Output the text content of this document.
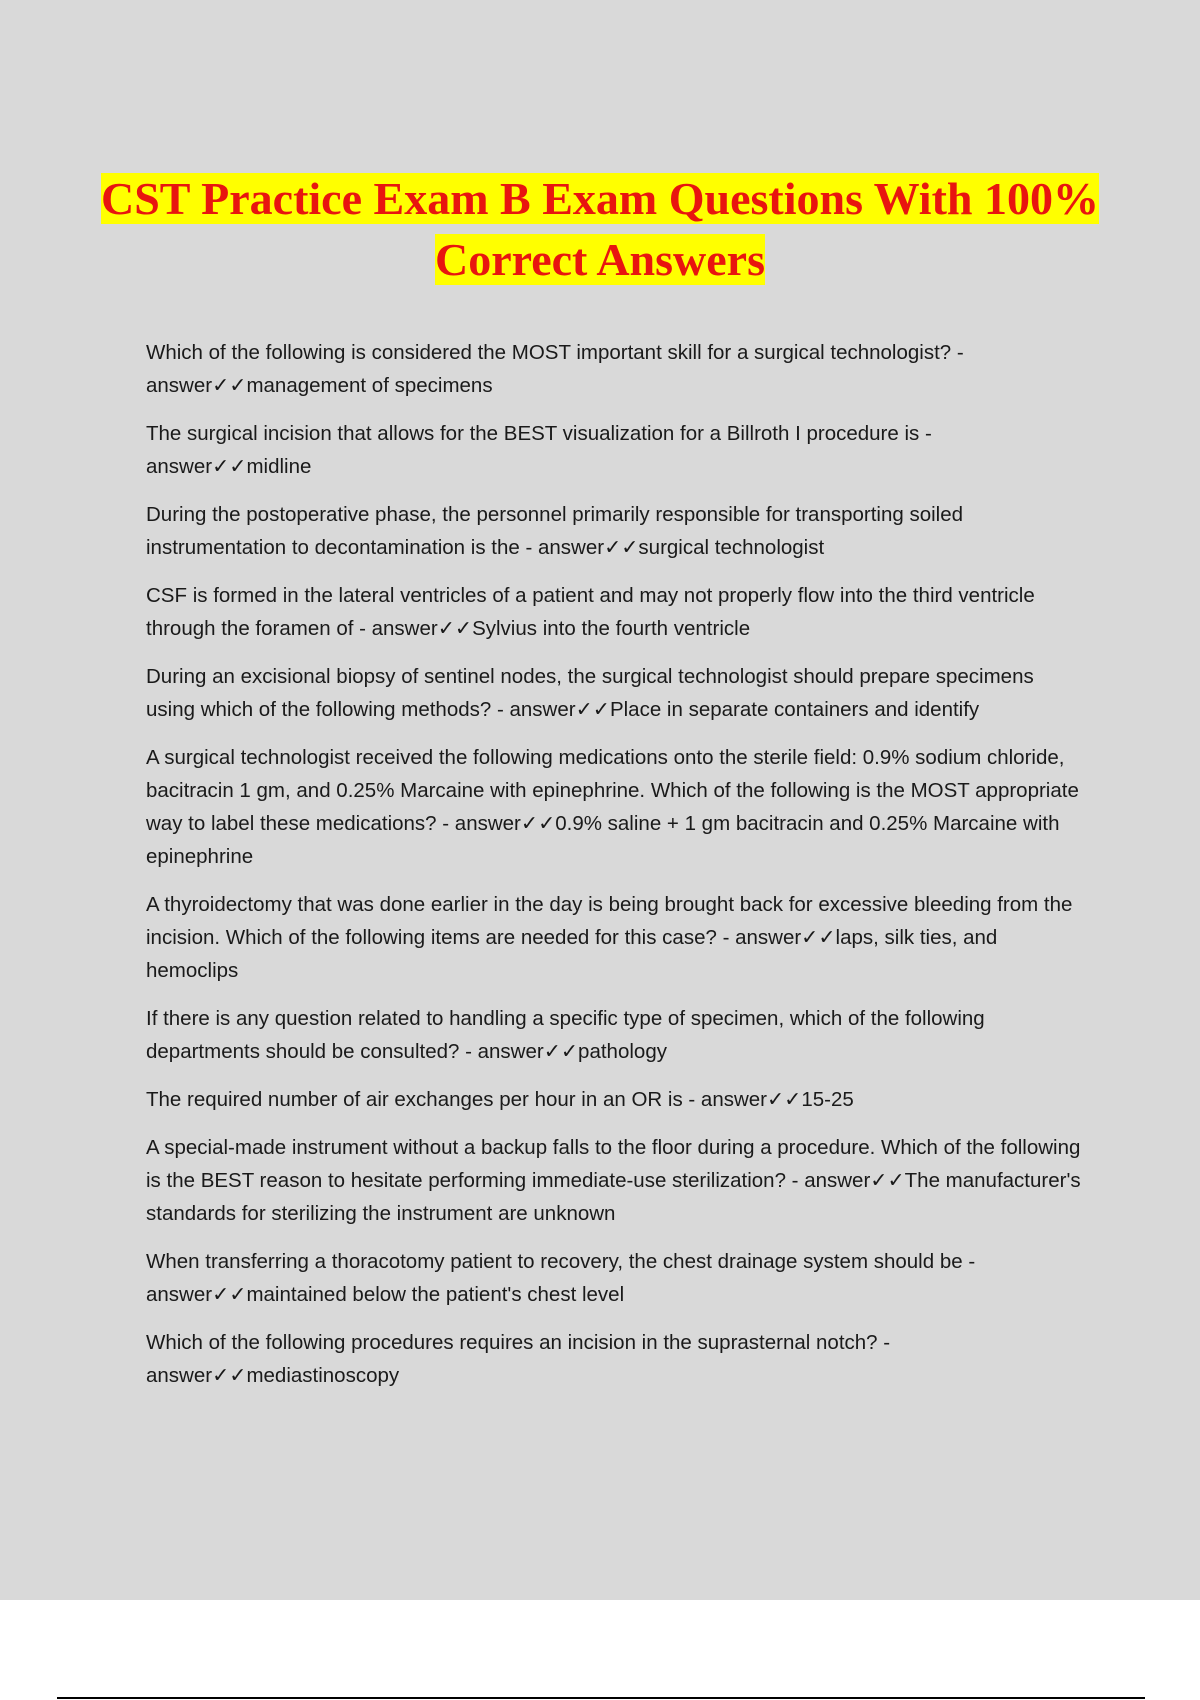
CST Practice Exam B Exam Questions With 100% Correct Answers

Which of the following is considered the MOST important skill for a surgical technologist? - answer✓✓management of specimens

The surgical incision that allows for the BEST visualization for a Billroth I procedure is - answer✓✓midline

During the postoperative phase, the personnel primarily responsible for transporting soiled instrumentation to decontamination is the - answer✓✓surgical technologist

CSF is formed in the lateral ventricles of a patient and may not properly flow into the third ventricle through the foramen of - answer✓✓Sylvius into the fourth ventricle

During an excisional biopsy of sentinel nodes, the surgical technologist should prepare specimens using which of the following methods? - answer✓✓Place in separate containers and identify

A surgical technologist received the following medications onto the sterile field: 0.9% sodium chloride, bacitracin 1 gm, and 0.25% Marcaine with epinephrine. Which of the following is the MOST appropriate way to label these medications? - answer✓✓0.9% saline + 1 gm bacitracin and 0.25% Marcaine with epinephrine

A thyroidectomy that was done earlier in the day is being brought back for excessive bleeding from the incision. Which of the following items are needed for this case? - answer✓✓laps, silk ties, and hemoclips

If there is any question related to handling a specific type of specimen, which of the following departments should be consulted? - answer✓✓pathology

The required number of air exchanges per hour in an OR is - answer✓✓15-25

A special-made instrument without a backup falls to the floor during a procedure. Which of the following is the BEST reason to hesitate performing immediate-use sterilization? - answer✓✓The manufacturer's standards for sterilizing the instrument are unknown

When transferring a thoracotomy patient to recovery, the chest drainage system should be - answer✓✓maintained below the patient's chest level

Which of the following procedures requires an incision in the suprasternal notch? - answer✓✓mediastinoscopy
